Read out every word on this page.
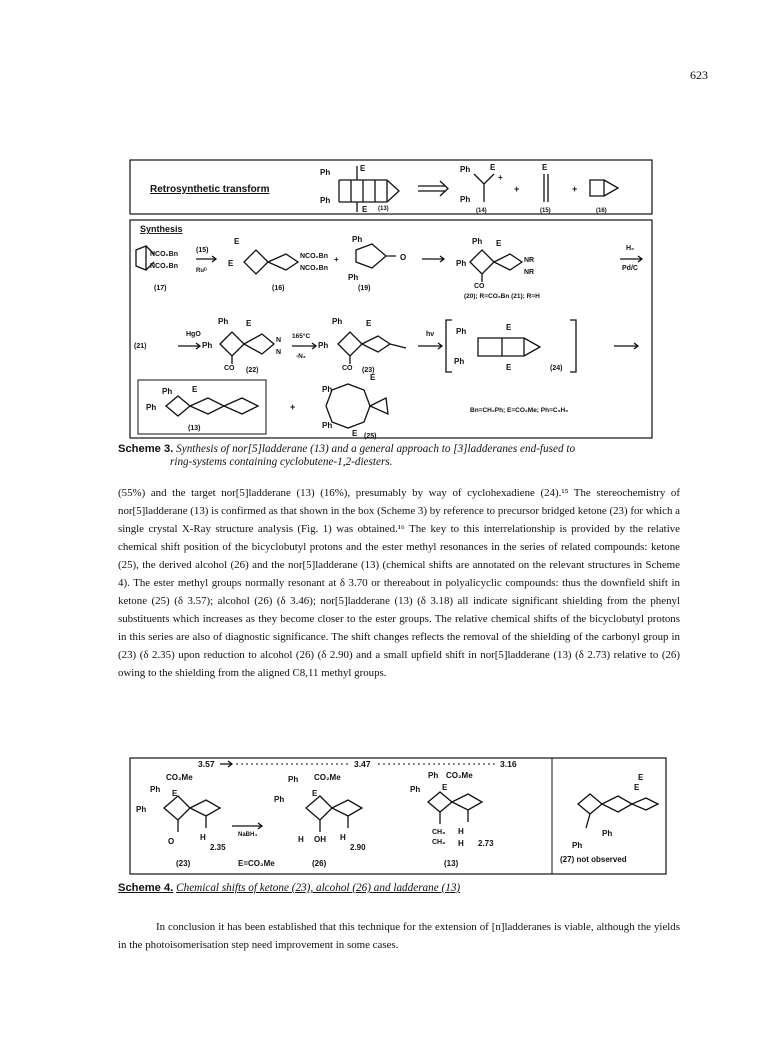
623
Retrosynthetic transform
Ph	E
Ph
E (13)
Ph E
+
Ph
(14)
+
E
(15)
+
(16)
Synthesis
NCO₂Bn
NCO₂Bn
(17)
(15)
Ruᴰ
E
E
NCO₂Bn
NCO₂Bn
+
(16)
Ph
O
Ph
(19)
Ph
Ph
E
NR
NR
CO
(20); R=CO₂Bn (21); R=H
H₂
Pd/C
(21)
HgO
Ph
Ph
E
N
N
CO (22)
165°C
-N₂
Ph
Ph
E
CO (23)
hν	Ph	E
Ph
E	(24)
Ph
Ph
E
(13)
+
Ph
E
Ph
E (25)
Bn=CH₂Ph; E=CO₂Me; Ph=C₆H₅
Scheme 3. Synthesis of nor[5]ladderane (13) and a general approach to [3]ladderanes end-fused to
ring-systems containing cyclobutene-1,2-diesters.

(55%) and the target nor[5]ladderane (13) (16%), presumably by way of cyclohexadiene (24).¹⁵ The stereochemistry of nor[5]ladderane (13) is confirmed as that shown in the box (Scheme 3) by reference to precursor bridged ketone (23) for which a single crystal X-Ray structure analysis (Fig. 1) was obtained.¹⁶ The key to this interrelationship is provided by the relative chemical shift position of the bicyclobutyl protons and the ester methyl resonances in the series of related compounds: ketone (25), the derived alcohol (26) and the nor[5]ladderane (13) (chemical shifts are annotated on the relevant structures in Scheme 4). The ester methyl groups normally resonant at δ 3.70 or thereabout in polyalicyclic compounds: thus the downfield shift in ketone (25) (δ 3.57); alcohol (26) (δ 3.46); nor[5]ladderane (13) (δ 3.18) all indicate significant shielding from the phenyl substituents which increases as they become closer to the ester groups. The relative chemical shifts of the bicyclobutyl protons in this series are also of diagnostic significance. The shift changes reflects the removal of the shielding of the carbonyl group in (23) (δ 2.35) upon reduction to alcohol (26) (δ 2.90) and a small upfield shift in nor[5]ladderane (13) (δ 2.73) relative to (26) owing to the shielding from the aligned C8,11 methyl groups.

3.57	3.47	3.16
CO₂Me
Ph E
Ph
O	H
2.35
(23)
NaBH₄
E=CO₂Me
Ph CO₂Me
E
Ph
H OH H
2.90
(26)
Ph CO₂Me
Ph	E
CH₃ H
CH₃ H 2.73
(13)
E
E
Ph
Ph
(27) not observed
Scheme 4. Chemical shifts of ketone (23), alcohol (26) and ladderane (13)

In conclusion it has been established that this technique for the extension of [n]ladderanes is viable, although the yields in the photoisomerisation step need improvement in some cases.
